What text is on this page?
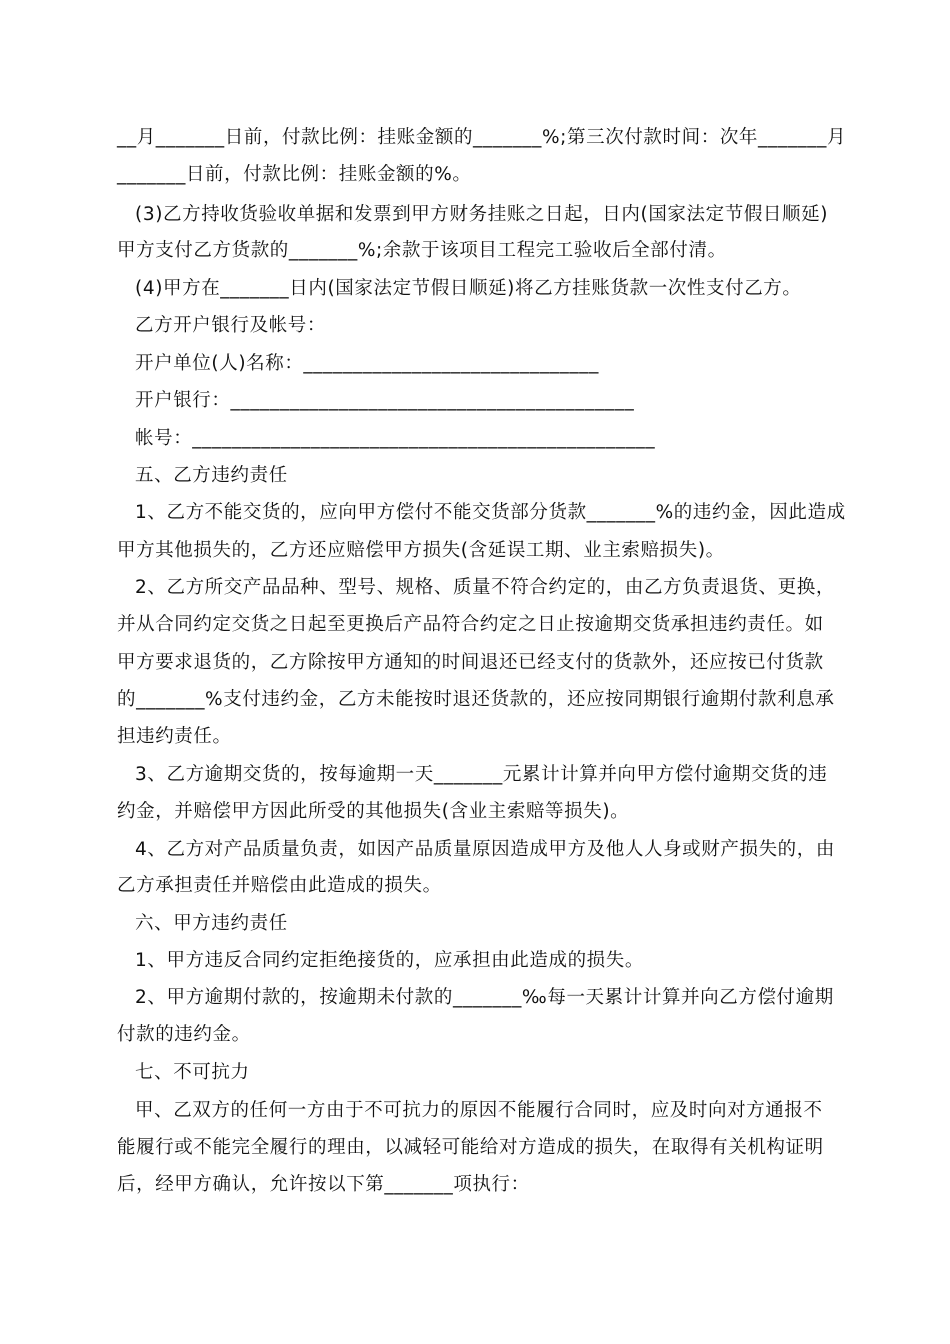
__月_______日前，付款比例：挂账金额的_______%;第三次付款时间：次年_______月
_______日前，付款比例：挂账金额的%。
(3)乙方持收货验收单据和发票到甲方财务挂账之日起，日内(国家法定节假日顺延)
甲方支付乙方货款的_______%;余款于该项目工程完工验收后全部付清。
(4)甲方在_______日内(国家法定节假日顺延)将乙方挂账货款一次性支付乙方。
乙方开户银行及帐号：
开户单位(人)名称：______________________________
开户银行：_________________________________________
帐号：_______________________________________________
五、乙方违约责任
1、乙方不能交货的，应向甲方偿付不能交货部分货款_______%的违约金，因此造成
甲方其他损失的，乙方还应赔偿甲方损失(含延误工期、业主索赔损失)。
2、乙方所交产品品种、型号、规格、质量不符合约定的，由乙方负责退货、更换，
并从合同约定交货之日起至更换后产品符合约定之日止按逾期交货承担违约责任。如
甲方要求退货的，乙方除按甲方通知的时间退还已经支付的货款外，还应按已付货款
的_______%支付违约金，乙方未能按时退还货款的，还应按同期银行逾期付款利息承
担违约责任。
3、乙方逾期交货的，按每逾期一天_______元累计计算并向甲方偿付逾期交货的违
约金，并赔偿甲方因此所受的其他损失(含业主索赔等损失)。
4、乙方对产品质量负责，如因产品质量原因造成甲方及他人人身或财产损失的，由
乙方承担责任并赔偿由此造成的损失。
六、甲方违约责任
1、甲方违反合同约定拒绝接货的，应承担由此造成的损失。
2、甲方逾期付款的，按逾期未付款的_______‰每一天累计计算并向乙方偿付逾期
付款的违约金。
七、不可抗力
甲、乙双方的任何一方由于不可抗力的原因不能履行合同时，应及时向对方通报不
能履行或不能完全履行的理由，以减轻可能给对方造成的损失，在取得有关机构证明
后，经甲方确认，允许按以下第_______项执行：
